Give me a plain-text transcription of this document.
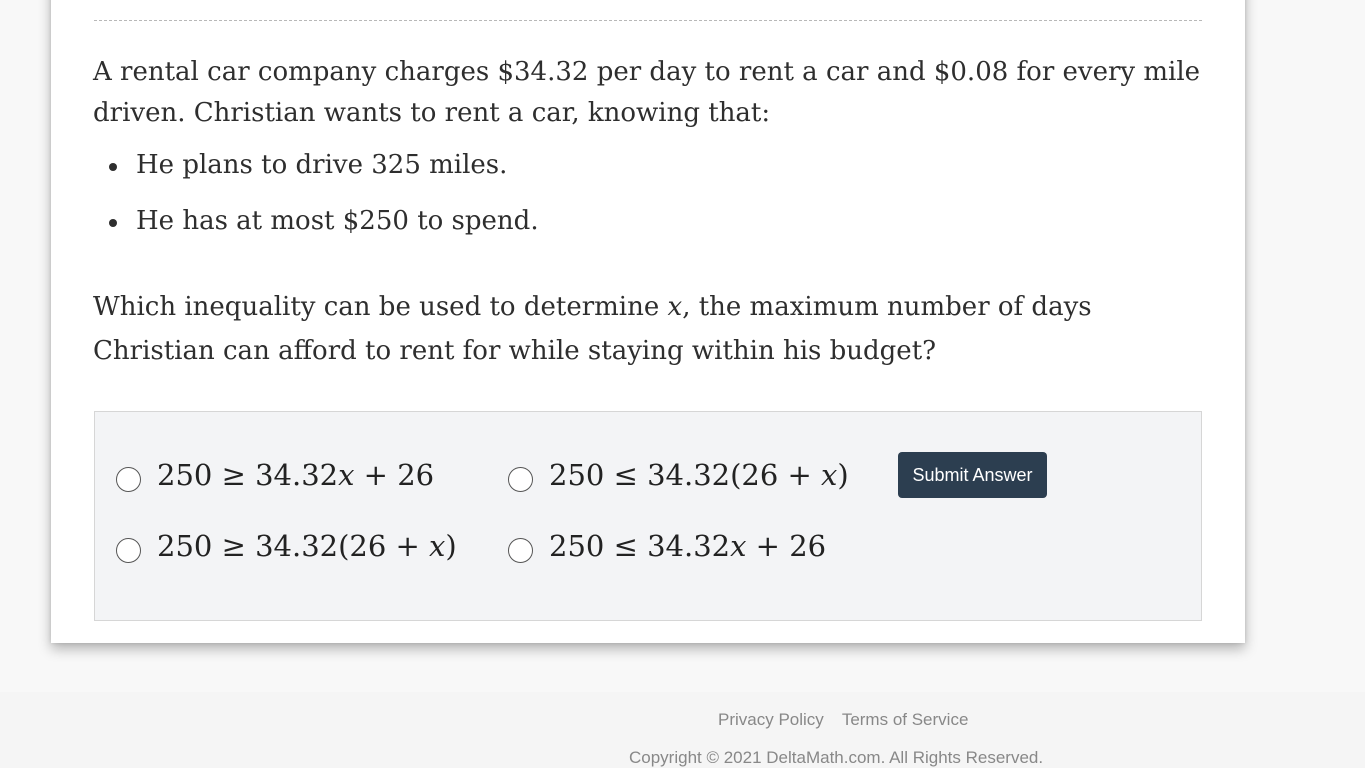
A rental car company charges $34.32 per day to rent a car and $0.08 for every mile driven. Christian wants to rent a car, knowing that:

He plans to drive 325 miles.
He has at most $250 to spend.
Which inequality can be used to determine x, the maximum number of days Christian can afford to rent for while staying within his budget?
250 ≥ 34.32𝑥 + 26	250 ≤ 34.32(26 + 𝑥)
250 ≥ 34.32(26 + 𝑥)	250 ≤ 34.32𝑥 + 26
Submit Answer
Privacy Policy Terms of Service
Copyright © 2021 DeltaMath.com. All Rights Reserved.
